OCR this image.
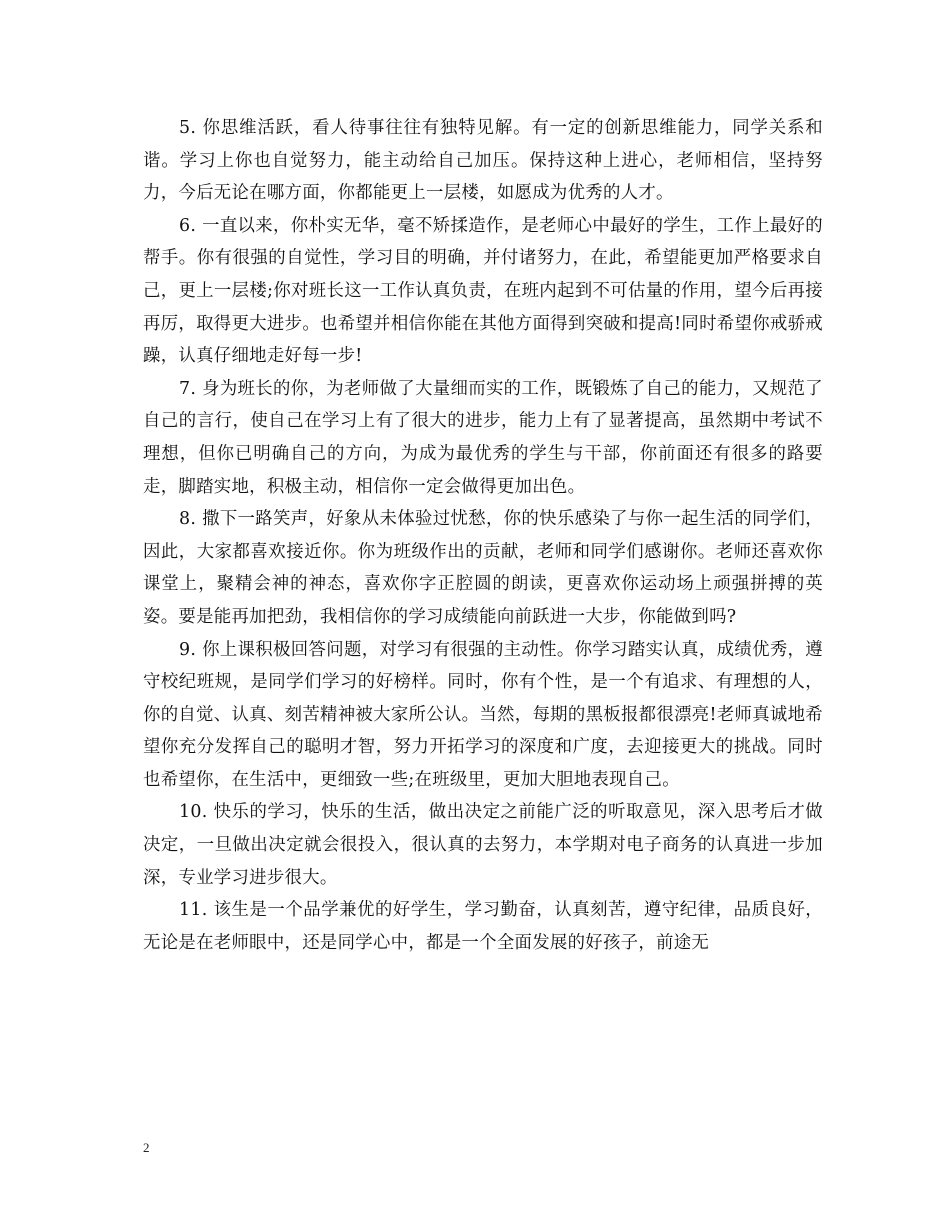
5. 你思维活跃，看人待事往往有独特见解。有一定的创新思维能力，同学关系和谐。学习上你也自觉努力，能主动给自己加压。保持这种上进心，老师相信，坚持努力，今后无论在哪方面，你都能更上一层楼，如愿成为优秀的人才。

6. 一直以来，你朴实无华，毫不矫揉造作，是老师心中最好的学生，工作上最好的帮手。你有很强的自觉性，学习目的明确，并付诸努力，在此，希望能更加严格要求自己，更上一层楼;你对班长这一工作认真负责，在班内起到不可估量的作用，望今后再接再厉，取得更大进步。也希望并相信你能在其他方面得到突破和提高!同时希望你戒骄戒躁，认真仔细地走好每一步!

7. 身为班长的你，为老师做了大量细而实的工作，既锻炼了自己的能力，又规范了自己的言行，使自己在学习上有了很大的进步，能力上有了显著提高，虽然期中考试不理想，但你已明确自己的方向，为成为最优秀的学生与干部，你前面还有很多的路要走，脚踏实地，积极主动，相信你一定会做得更加出色。

8. 撒下一路笑声，好象从未体验过忧愁，你的快乐感染了与你一起生活的同学们，因此，大家都喜欢接近你。你为班级作出的贡献，老师和同学们感谢你。老师还喜欢你课堂上，聚精会神的神态，喜欢你字正腔圆的朗读，更喜欢你运动场上顽强拼搏的英姿。要是能再加把劲，我相信你的学习成绩能向前跃进一大步，你能做到吗?

9. 你上课积极回答问题，对学习有很强的主动性。你学习踏实认真，成绩优秀，遵守校纪班规，是同学们学习的好榜样。同时，你有个性，是一个有追求、有理想的人，你的自觉、认真、刻苦精神被大家所公认。当然，每期的黑板报都很漂亮!老师真诚地希望你充分发挥自己的聪明才智，努力开拓学习的深度和广度，去迎接更大的挑战。同时也希望你，在生活中，更细致一些;在班级里，更加大胆地表现自己。

10. 快乐的学习，快乐的生活，做出决定之前能广泛的听取意见，深入思考后才做决定，一旦做出决定就会很投入，很认真的去努力，本学期对电子商务的认真进一步加深，专业学习进步很大。

11. 该生是一个品学兼优的好学生，学习勤奋，认真刻苦，遵守纪律，品质良好，无论是在老师眼中，还是同学心中，都是一个全面发展的好孩子，前途无

2
